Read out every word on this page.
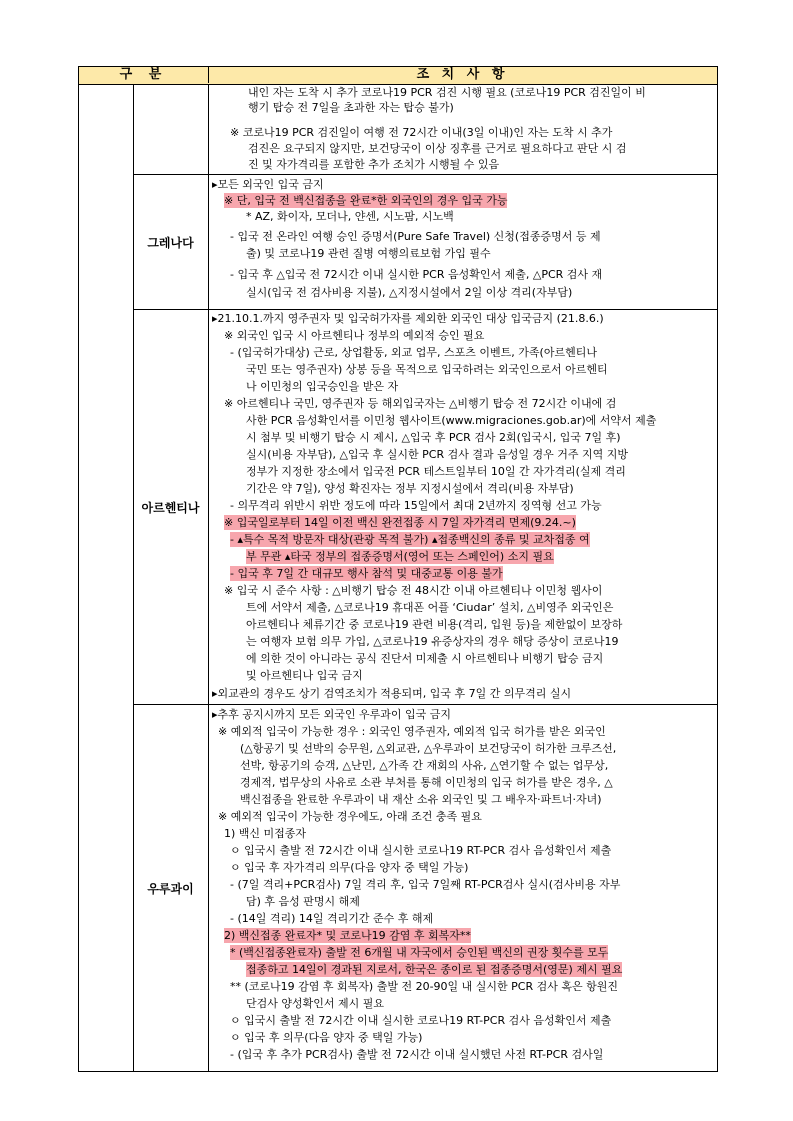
구 분	조 치 사 항
내인 자는 도착 시 추가 코로나19 PCR 검진 시행 필요 (코로나19 PCR 검진일이 비
행기 탑승 전 7일을 초과한 자는 탑승 불가)
※ 코로나19 PCR 검진일이 여행 전 72시간 이내(3일 이내)인 자는 도착 시 추가
검진은 요구되지 않지만, 보건당국이 이상 징후를 근거로 필요하다고 판단 시 검
진 및 자가격리를 포함한 추가 조치가 시행될 수 있음
그레나다
▸모든 외국인 입국 금지
※ 단, 입국 전 백신접종을 완료*한 외국인의 경우 입국 가능
* AZ, 화이자, 모더나, 얀센, 시노팜, 시노백
- 입국 전 온라인 여행 승인 증명서(Pure Safe Travel) 신청(접종증명서 등 제
출) 및 코로나19 관련 질병 여행의료보험 가입 필수
- 입국 후 △입국 전 72시간 이내 실시한 PCR 음성확인서 제출, △PCR 검사 재
실시(입국 전 검사비용 지불), △지정시설에서 2일 이상 격리(자부담)
아르헨티나
▸21.10.1.까지 영주권자 및 입국허가자를 제외한 외국인 대상 입국금지 (21.8.6.)
※ 외국인 입국 시 아르헨티나 정부의 예외적 승인 필요
- (입국허가대상) 근로, 상업활동, 외교 업무, 스포츠 이벤트, 가족(아르헨티나
국민 또는 영주권자) 상봉 등을 목적으로 입국하려는 외국인으로서 아르헨티
나 이민청의 입국승인을 받은 자
※ 아르헨티나 국민, 영주권자 등 해외입국자는 △비행기 탑승 전 72시간 이내에 검
사한 PCR 음성확인서를 이민청 웹사이트(www.migraciones.gob.ar)에 서약서 제출
시 첨부 및 비행기 탑승 시 제시, △입국 후 PCR 검사 2회(입국시, 입국 7일 후)
실시(비용 자부담), △입국 후 실시한 PCR 검사 결과 음성일 경우 거주 지역 지방
정부가 지정한 장소에서 입국전 PCR 테스트일부터 10일 간 자가격리(실제 격리
기간은 약 7일), 양성 확진자는 정부 지정시설에서 격리(비용 자부담)
- 의무격리 위반시 위반 정도에 따라 15일에서 최대 2년까지 징역형 선고 가능
※ 입국일로부터 14일 이전 백신 완전접종 시 7일 자가격리 면제(9.24.~)
- ▴특수 목적 방문자 대상(관광 목적 불가) ▴접종백신의 종류 및 교차접종 여
부 무관 ▴타국 정부의 접종증명서(영어 또는 스페인어) 소지 필요
- 입국 후 7일 간 대규모 행사 참석 및 대중교통 이용 불가
※ 입국 시 준수 사항 : △비행기 탑승 전 48시간 이내 아르헨티나 이민청 웹사이
트에 서약서 제출, △코로나19 휴대폰 어플 ‘Ciudar’ 설치, △비영주 외국인은
아르헨티나 체류기간 중 코로나19 관련 비용(격리, 입원 등)을 제한없이 보장하
는 여행자 보험 의무 가입, △코로나19 유증상자의 경우 해당 증상이 코로나19
에 의한 것이 아니라는 공식 진단서 미제출 시 아르헨티나 비행기 탑승 금지
및 아르헨티나 입국 금지
▸외교관의 경우도 상기 검역조치가 적용되며, 입국 후 7일 간 의무격리 실시
우루과이
▸추후 공지시까지 모든 외국인 우루과이 입국 금지
※ 예외적 입국이 가능한 경우 : 외국인 영주권자, 예외적 입국 허가를 받은 외국인
(△항공기 및 선박의 승무원, △외교관, △우루과이 보건당국이 허가한 크루즈선,
선박, 항공기의 승객, △난민, △가족 간 재회의 사유, △연기할 수 없는 업무상,
경제적, 법무상의 사유로 소관 부처를 통해 이민청의 입국 허가를 받은 경우, △
백신접종을 완료한 우루과이 내 재산 소유 외국인 및 그 배우자·파트너·자녀)
※ 예외적 입국이 가능한 경우에도, 아래 조건 충족 필요
1) 백신 미접종자
ㅇ 입국시 출발 전 72시간 이내 실시한 코로나19 RT-PCR 검사 음성확인서 제출
ㅇ 입국 후 자가격리 의무(다음 양자 중 택일 가능)
- (7일 격리+PCR검사) 7일 격리 후, 입국 7일째 RT-PCR검사 실시(검사비용 자부
담) 후 음성 판명시 해제
- (14일 격리) 14일 격리기간 준수 후 해제
2) 백신접종 완료자* 및 코로나19 감염 후 회복자**
* (백신접종완료자) 출발 전 6개월 내 자국에서 승인된 백신의 권장 횟수를 모두
접종하고 14일이 경과된 지로서, 한국은 종이로 된 접종증명서(영문) 제시 필요
** (코로나19 감염 후 회복자) 출발 전 20-90일 내 실시한 PCR 검사 혹은 항원진
단검사 양성확인서 제시 필요
ㅇ 입국시 출발 전 72시간 이내 실시한 코로나19 RT-PCR 검사 음성확인서 제출
ㅇ 입국 후 의무(다음 양자 중 택일 가능)
- (입국 후 추가 PCR검사) 출발 전 72시간 이내 실시했던 사전 RT-PCR 검사일
